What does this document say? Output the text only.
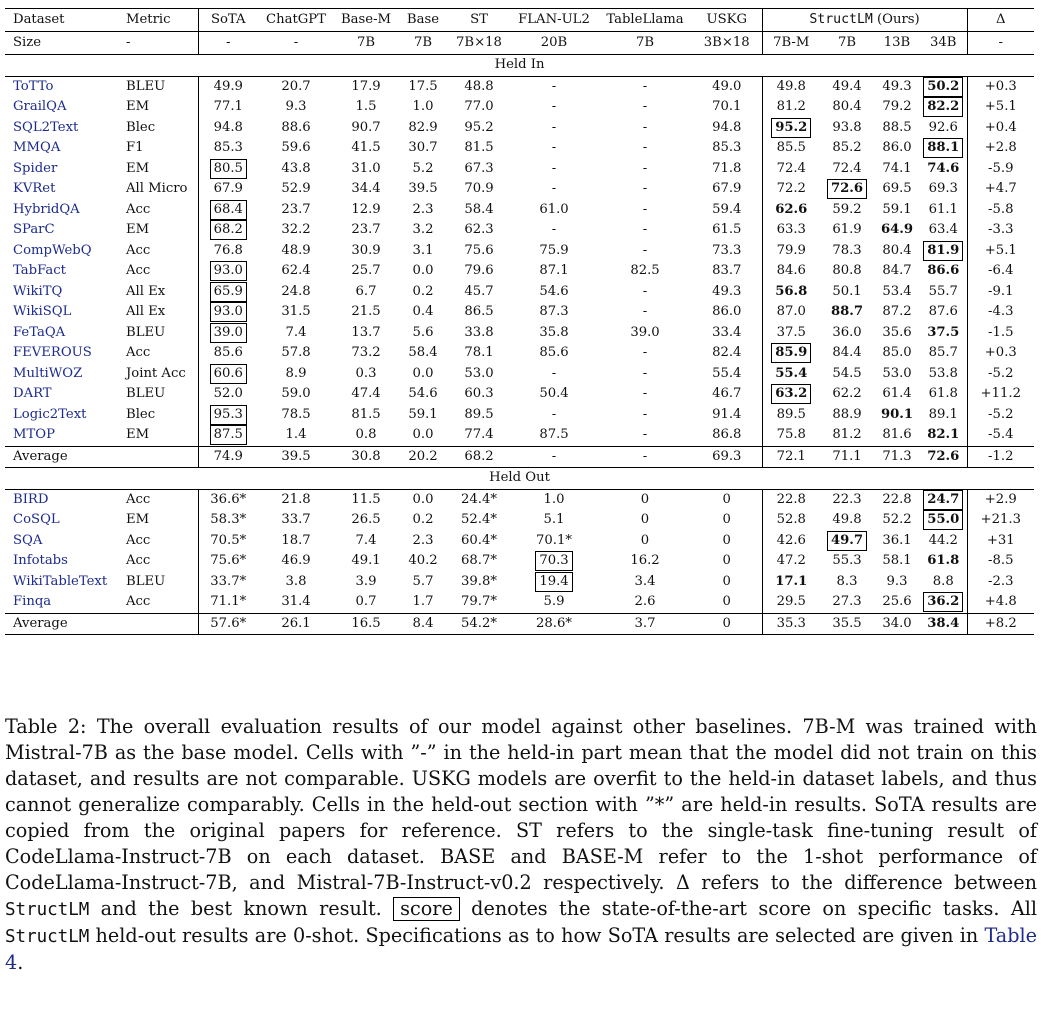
Dataset	Metric	SoTA	ChatGPT	Base-M	Base	ST	FLAN-UL2	TableLlama	USKG	StructLM (Ours)				Δ
Size	-	-	-	7B	7B	7B×18	20B	7B	3B×18	7B-M	7B	13B	34B	-
Held In														
ToTTo	BLEU	49.9	20.7	17.9	17.5	48.8	-	-	49.0	49.8	49.4	49.3	50.2	+0.3
GrailQA	EM	77.1	9.3	1.5	1.0	77.0	-	-	70.1	81.2	80.4	79.2	82.2	+5.1
SQL2Text	Blec	94.8	88.6	90.7	82.9	95.2	-	-	94.8	95.2	93.8	88.5	92.6	+0.4
MMQA	F1	85.3	59.6	41.5	30.7	81.5	-	-	85.3	85.5	85.2	86.0	88.1	+2.8
Spider	EM	80.5	43.8	31.0	5.2	67.3	-	-	71.8	72.4	72.4	74.1	74.6	-5.9
KVRet	All Micro	67.9	52.9	34.4	39.5	70.9	-	-	67.9	72.2	72.6	69.5	69.3	+4.7
HybridQA	Acc	68.4	23.7	12.9	2.3	58.4	61.0	-	59.4	62.6	59.2	59.1	61.1	-5.8
SParC	EM	68.2	32.2	23.7	3.2	62.3	-	-	61.5	63.3	61.9	64.9	63.4	-3.3
CompWebQ	Acc	76.8	48.9	30.9	3.1	75.6	75.9	-	73.3	79.9	78.3	80.4	81.9	+5.1
TabFact	Acc	93.0	62.4	25.7	0.0	79.6	87.1	82.5	83.7	84.6	80.8	84.7	86.6	-6.4
WikiTQ	All Ex	65.9	24.8	6.7	0.2	45.7	54.6	-	49.3	56.8	50.1	53.4	55.7	-9.1
WikiSQL	All Ex	93.0	31.5	21.5	0.4	86.5	87.3	-	86.0	87.0	88.7	87.2	87.6	-4.3
FeTaQA	BLEU	39.0	7.4	13.7	5.6	33.8	35.8	39.0	33.4	37.5	36.0	35.6	37.5	-1.5
FEVEROUS	Acc	85.6	57.8	73.2	58.4	78.1	85.6	-	82.4	85.9	84.4	85.0	85.7	+0.3
MultiWOZ	Joint Acc	60.6	8.9	0.3	0.0	53.0	-	-	55.4	55.4	54.5	53.0	53.8	-5.2
DART	BLEU	52.0	59.0	47.4	54.6	60.3	50.4	-	46.7	63.2	62.2	61.4	61.8	+11.2
Logic2Text	Blec	95.3	78.5	81.5	59.1	89.5	-	-	91.4	89.5	88.9	90.1	89.1	-5.2
MTOP	EM	87.5	1.4	0.8	0.0	77.4	87.5	-	86.8	75.8	81.2	81.6	82.1	-5.4
Average		74.9	39.5	30.8	20.2	68.2	-	-	69.3	72.1	71.1	71.3	72.6	-1.2
Held Out														
BIRD	Acc	36.6*	21.8	11.5	0.0	24.4*	1.0	0	0	22.8	22.3	22.8	24.7	+2.9
CoSQL	EM	58.3*	33.7	26.5	0.2	52.4*	5.1	0	0	52.8	49.8	52.2	55.0	+21.3
SQA	Acc	70.5*	18.7	7.4	2.3	60.4*	70.1*	0	0	42.6	49.7	36.1	44.2	+31
Infotabs	Acc	75.6*	46.9	49.1	40.2	68.7*	70.3	16.2	0	47.2	55.3	58.1	61.8	-8.5
WikiTableText	BLEU	33.7*	3.8	3.9	5.7	39.8*	19.4	3.4	0	17.1	8.3	9.3	8.8	-2.3
Finqa	Acc	71.1*	31.4	0.7	1.7	79.7*	5.9	2.6	0	29.5	27.3	25.6	36.2	+4.8
Average		57.6*	26.1	16.5	8.4	54.2*	28.6*	3.7	0	35.3	35.5	34.0	38.4	+8.2

Table 2: The overall evaluation results of our model against other baselines. 7B-M was trained with Mistral-7B as the base model. Cells with ”-” in the held-in part mean that the model did not train on this dataset, and results are not comparable. USKG models are overfit to the held-in dataset labels, and thus cannot generalize comparably. Cells in the held-out section with ”*” are held-in results. SoTA results are copied from the original papers for reference. ST refers to the single-task fine-tuning result of CodeLlama-Instruct-7B on each dataset. BASE and BASE-M refer to the 1-shot performance of CodeLlama-Instruct-7B, and Mistral-7B-Instruct-v0.2 respectively. Δ refers to the difference between StructLM and the best known result. score denotes the state-of-the-art score on specific tasks. All StructLM held-out results are 0-shot. Specifications as to how SoTA results are selected are given in Table 4.
